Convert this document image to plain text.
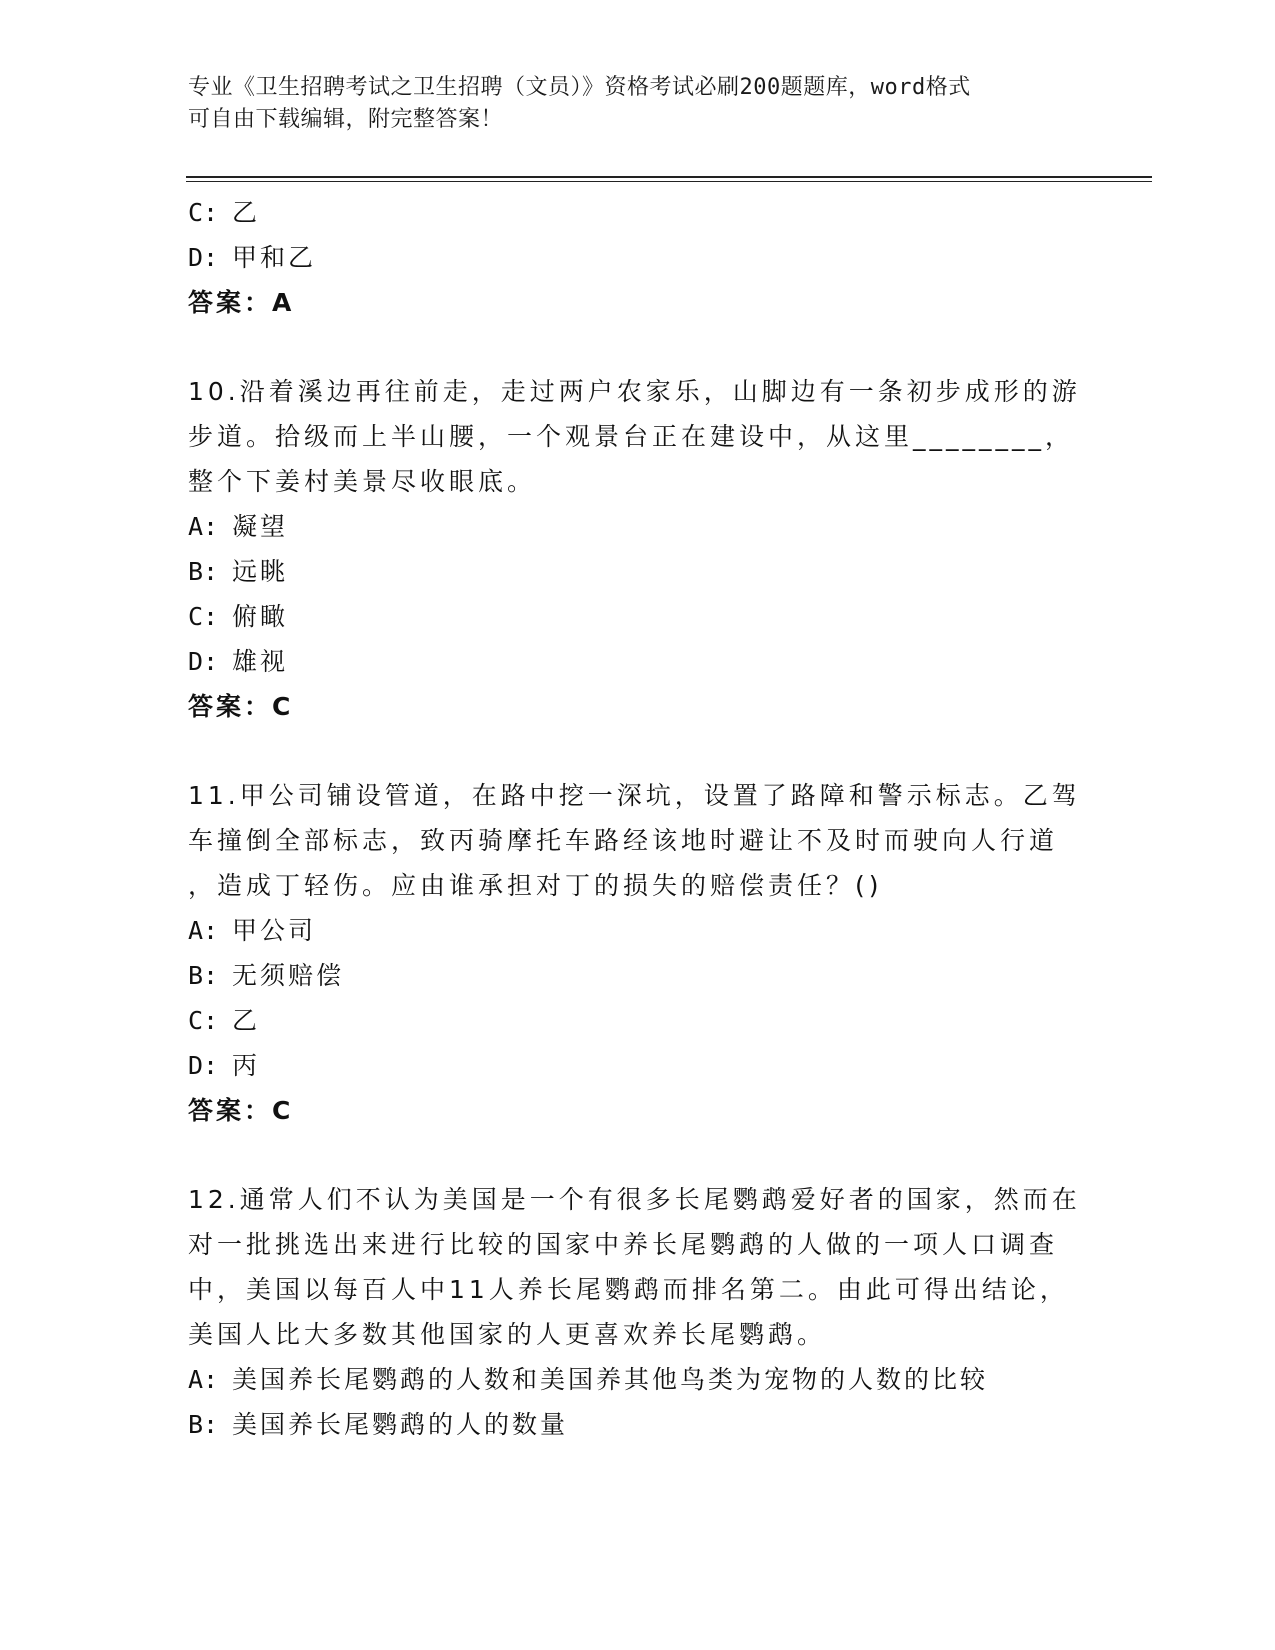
专业《卫生招聘考试之卫生招聘（文员）》资格考试必刷200题题库，word格式
可自由下载编辑，附完整答案！
C: 乙
D: 甲和乙
答案：A
10.沿着溪边再往前走，走过两户农家乐，山脚边有一条初步成形的游
步道。拾级而上半山腰，一个观景台正在建设中，从这里________，
整个下姜村美景尽收眼底。
A: 凝望
B: 远眺
C: 俯瞰
D: 雄视
答案：C
11.甲公司铺设管道，在路中挖一深坑，设置了路障和警示标志。乙驾
车撞倒全部标志，致丙骑摩托车路经该地时避让不及时而驶向人行道
，造成丁轻伤。应由谁承担对丁的损失的赔偿责任？()
A: 甲公司
B: 无须赔偿
C: 乙
D: 丙
答案：C
12.通常人们不认为美国是一个有很多长尾鹦鹉爱好者的国家，然而在
对一批挑选出来进行比较的国家中养长尾鹦鹉的人做的一项人口调查
中，美国以每百人中11人养长尾鹦鹉而排名第二。由此可得出结论，
美国人比大多数其他国家的人更喜欢养长尾鹦鹉。
A: 美国养长尾鹦鹉的人数和美国养其他鸟类为宠物的人数的比较
B: 美国养长尾鹦鹉的人的数量
